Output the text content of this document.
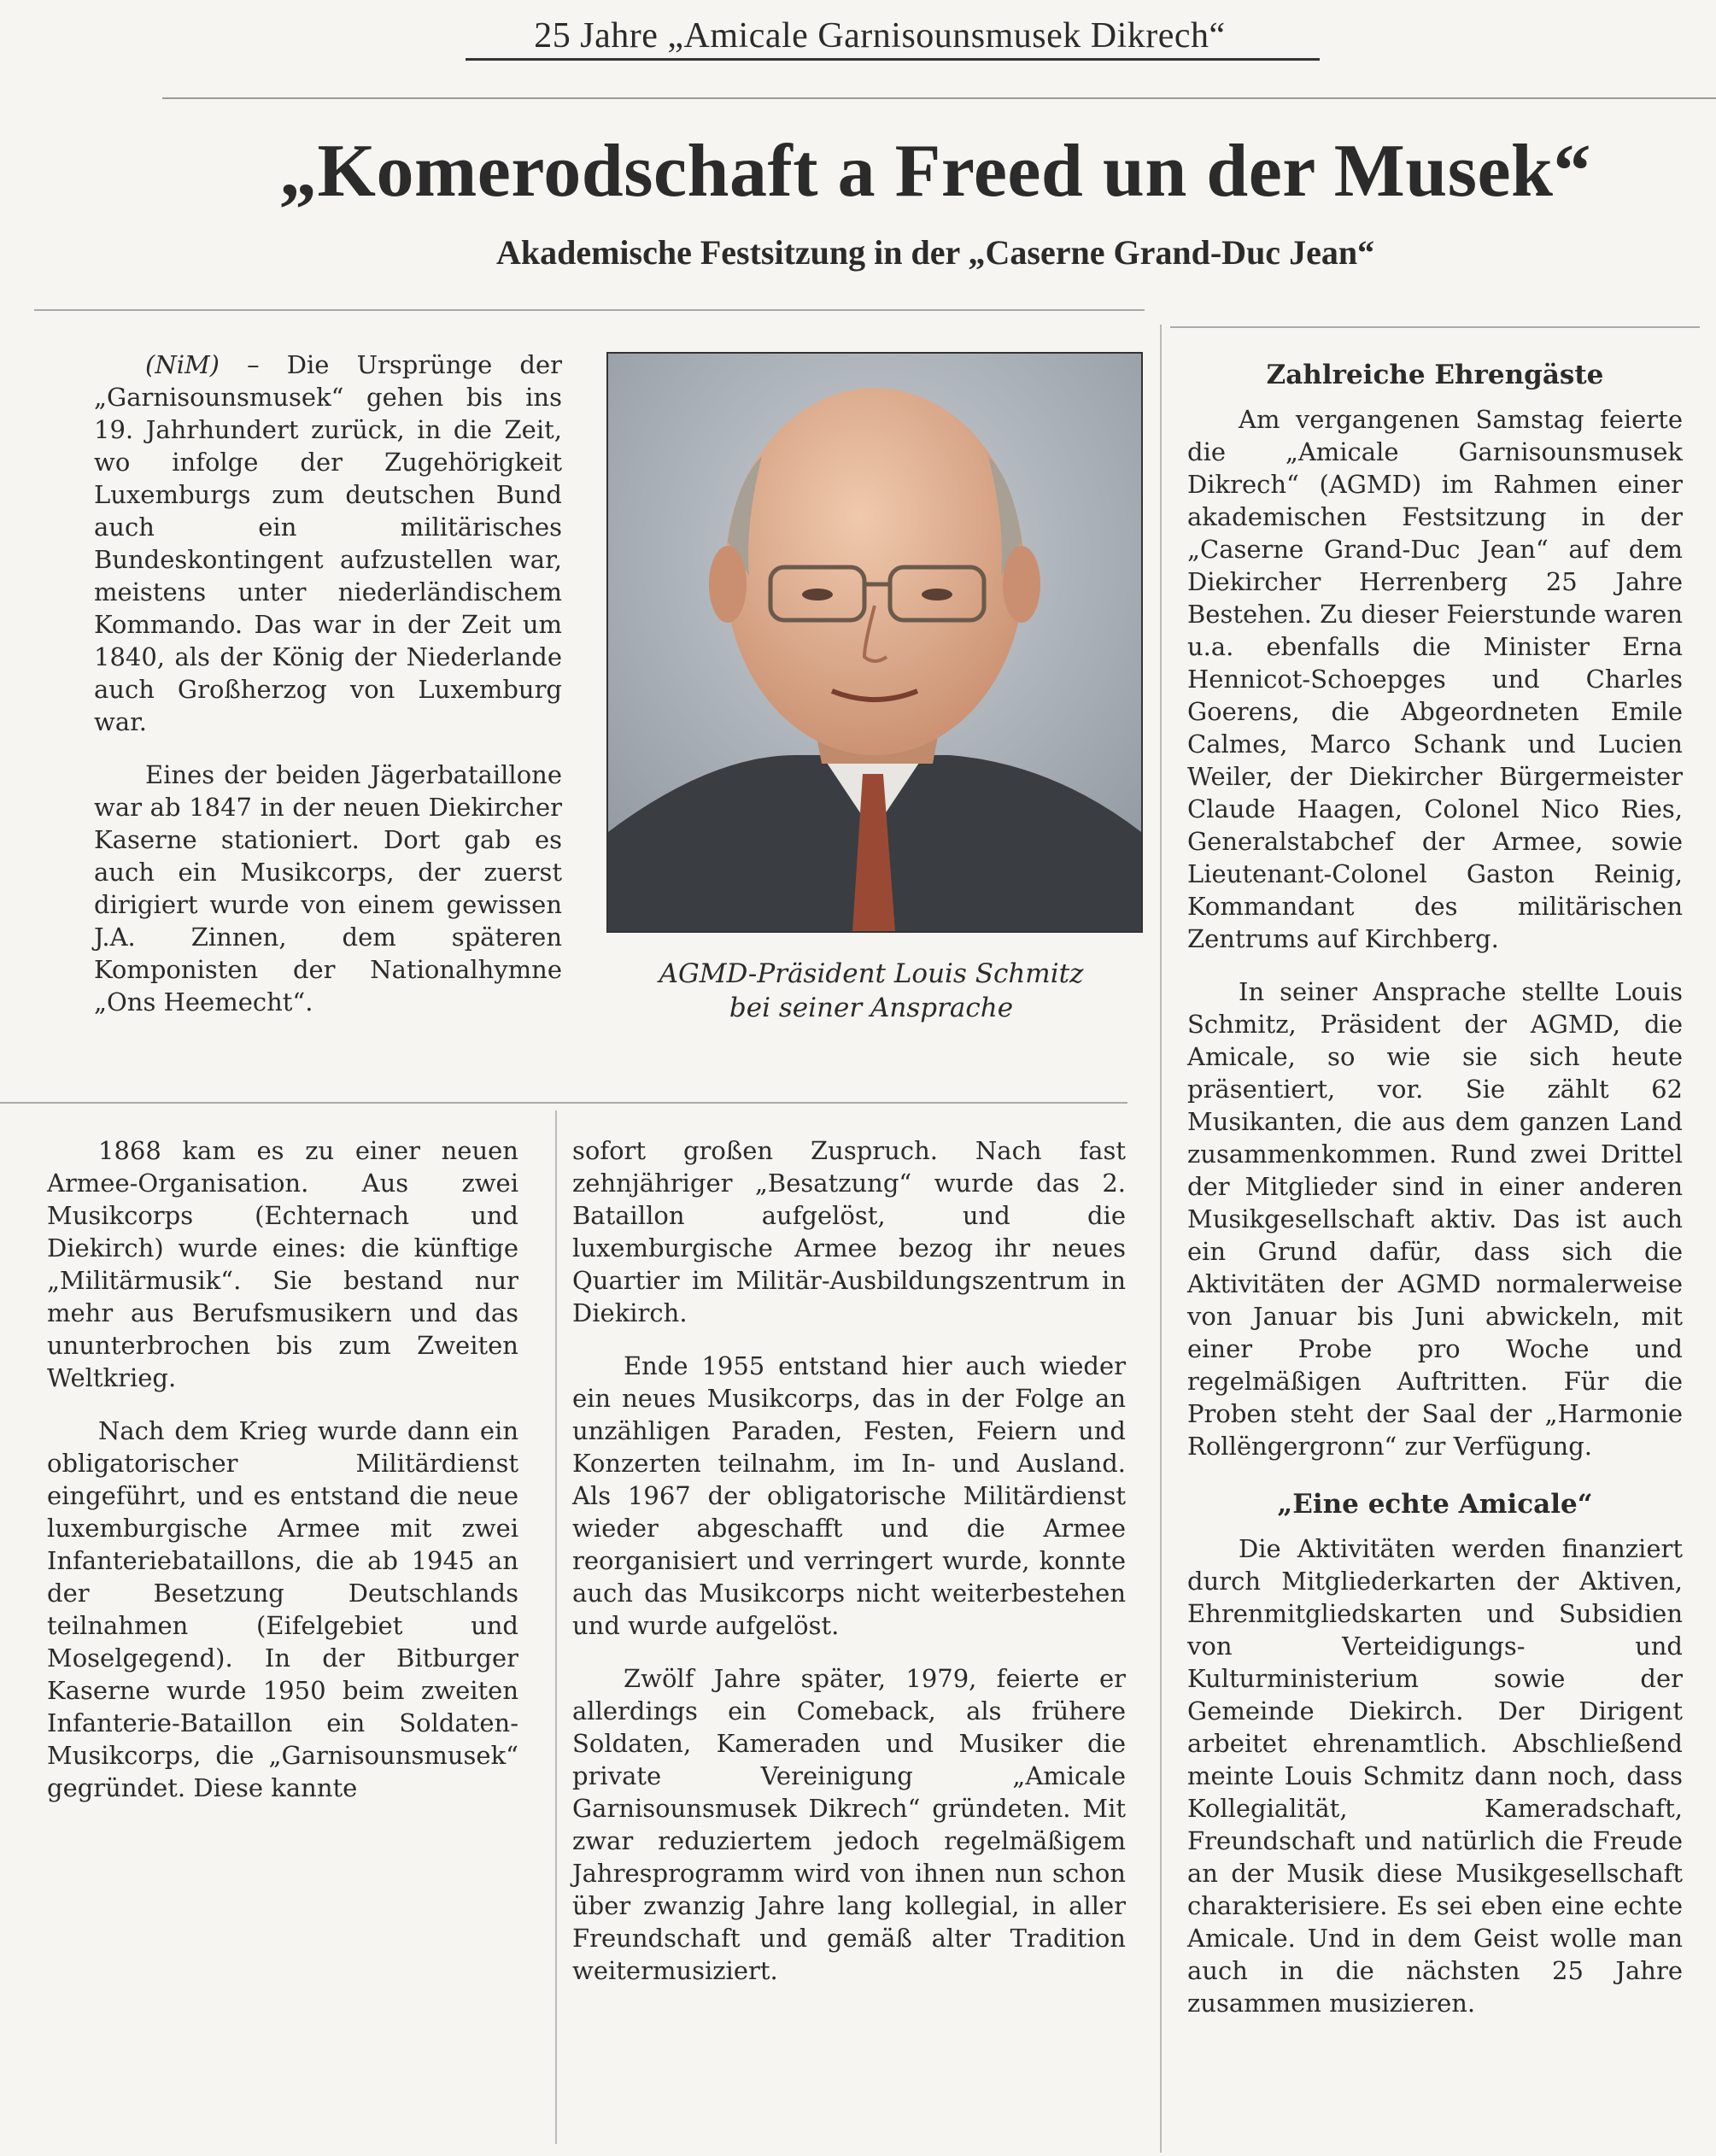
25 Jahre „Amicale Garnisounsmusek Dikrech“
„Komerodschaft a Freed un der Musek“
Akademische Festsitzung in der „Caserne Grand-Duc Jean“

(NiM) – Die Ursprünge der „Garnisounsmusek“ gehen bis ins 19. Jahrhundert zurück, in die Zeit, wo infolge der Zugehörigkeit Luxemburgs zum deutschen Bund auch ein militärisches Bundeskontingent aufzustellen war, meistens unter niederländischem Kommando. Das war in der Zeit um 1840, als der König der Niederlande auch Großherzog von Luxemburg war.

Eines der beiden Jägerbataillone war ab 1847 in der neuen Diekircher Kaserne stationiert. Dort gab es auch ein Musikcorps, der zuerst dirigiert wurde von einem gewissen J.A. Zinnen, dem späteren Komponisten der Nationalhymne „Ons Heemecht“.

AGMD-Präsident Louis Schmitz
bei seiner Ansprache

1868 kam es zu einer neuen Armee-Organisation. Aus zwei Musikcorps (Echternach und Diekirch) wurde eines: die künftige „Militärmusik“. Sie bestand nur mehr aus Berufsmusikern und das ununterbrochen bis zum Zweiten Weltkrieg.

Nach dem Krieg wurde dann ein obligatorischer Militärdienst eingeführt, und es entstand die neue luxemburgische Armee mit zwei Infanteriebataillons, die ab 1945 an der Besetzung Deutschlands teilnahmen (Eifelgebiet und Moselgegend). In der Bitburger Kaserne wurde 1950 beim zweiten Infanterie-Bataillon ein Soldaten-Musikcorps, die „Garnisounsmusek“ gegründet. Diese kannte

sofort großen Zuspruch. Nach fast zehnjähriger „Besatzung“ wurde das 2. Bataillon aufgelöst, und die luxemburgische Armee bezog ihr neues Quartier im Militär-Ausbildungszentrum in Diekirch.

Ende 1955 entstand hier auch wieder ein neues Musikcorps, das in der Folge an unzähligen Paraden, Festen, Feiern und Konzerten teilnahm, im In- und Ausland. Als 1967 der obligatorische Militärdienst wieder abgeschafft und die Armee reorganisiert und verringert wurde, konnte auch das Musikcorps nicht weiterbestehen und wurde aufgelöst.

Zwölf Jahre später, 1979, feierte er allerdings ein Comeback, als frühere Soldaten, Kameraden und Musiker die private Vereinigung „Amicale Garnisounsmusek Dikrech“ gründeten. Mit zwar reduziertem jedoch regelmäßigem Jahresprogramm wird von ihnen nun schon über zwanzig Jahre lang kollegial, in aller Freundschaft und gemäß alter Tradition weitermusiziert.

Zahlreiche Ehrengäste

Am vergangenen Samstag feierte die „Amicale Garnisounsmusek Dikrech“ (AGMD) im Rahmen einer akademischen Festsitzung in der „Caserne Grand-Duc Jean“ auf dem Diekircher Herrenberg 25 Jahre Bestehen. Zu dieser Feierstunde waren u.a. ebenfalls die Minister Erna Hennicot-Schoepges und Charles Goerens, die Abgeordneten Emile Calmes, Marco Schank und Lucien Weiler, der Diekircher Bürgermeister Claude Haagen, Colonel Nico Ries, Generalstabchef der Armee, sowie Lieutenant-Colonel Gaston Reinig, Kommandant des militärischen Zentrums auf Kirchberg.

In seiner Ansprache stellte Louis Schmitz, Präsident der AGMD, die Amicale, so wie sie sich heute präsentiert, vor. Sie zählt 62 Musikanten, die aus dem ganzen Land zusammenkommen. Rund zwei Drittel der Mitglieder sind in einer anderen Musikgesellschaft aktiv. Das ist auch ein Grund dafür, dass sich die Aktivitäten der AGMD normalerweise von Januar bis Juni abwickeln, mit einer Probe pro Woche und regelmäßigen Auftritten. Für die Proben steht der Saal der „Harmonie Rollëngergronn“ zur Verfügung.

„Eine echte Amicale“

Die Aktivitäten werden finanziert durch Mitgliederkarten der Aktiven, Ehrenmitgliedskarten und Subsidien von Verteidigungs- und Kulturministerium sowie der Gemeinde Diekirch. Der Dirigent arbeitet ehrenamtlich. Abschließend meinte Louis Schmitz dann noch, dass Kollegialität, Kameradschaft, Freundschaft und natürlich die Freude an der Musik diese Musikgesellschaft charakterisiere. Es sei eben eine echte Amicale. Und in dem Geist wolle man auch in die nächsten 25 Jahre zusammen musizieren.
